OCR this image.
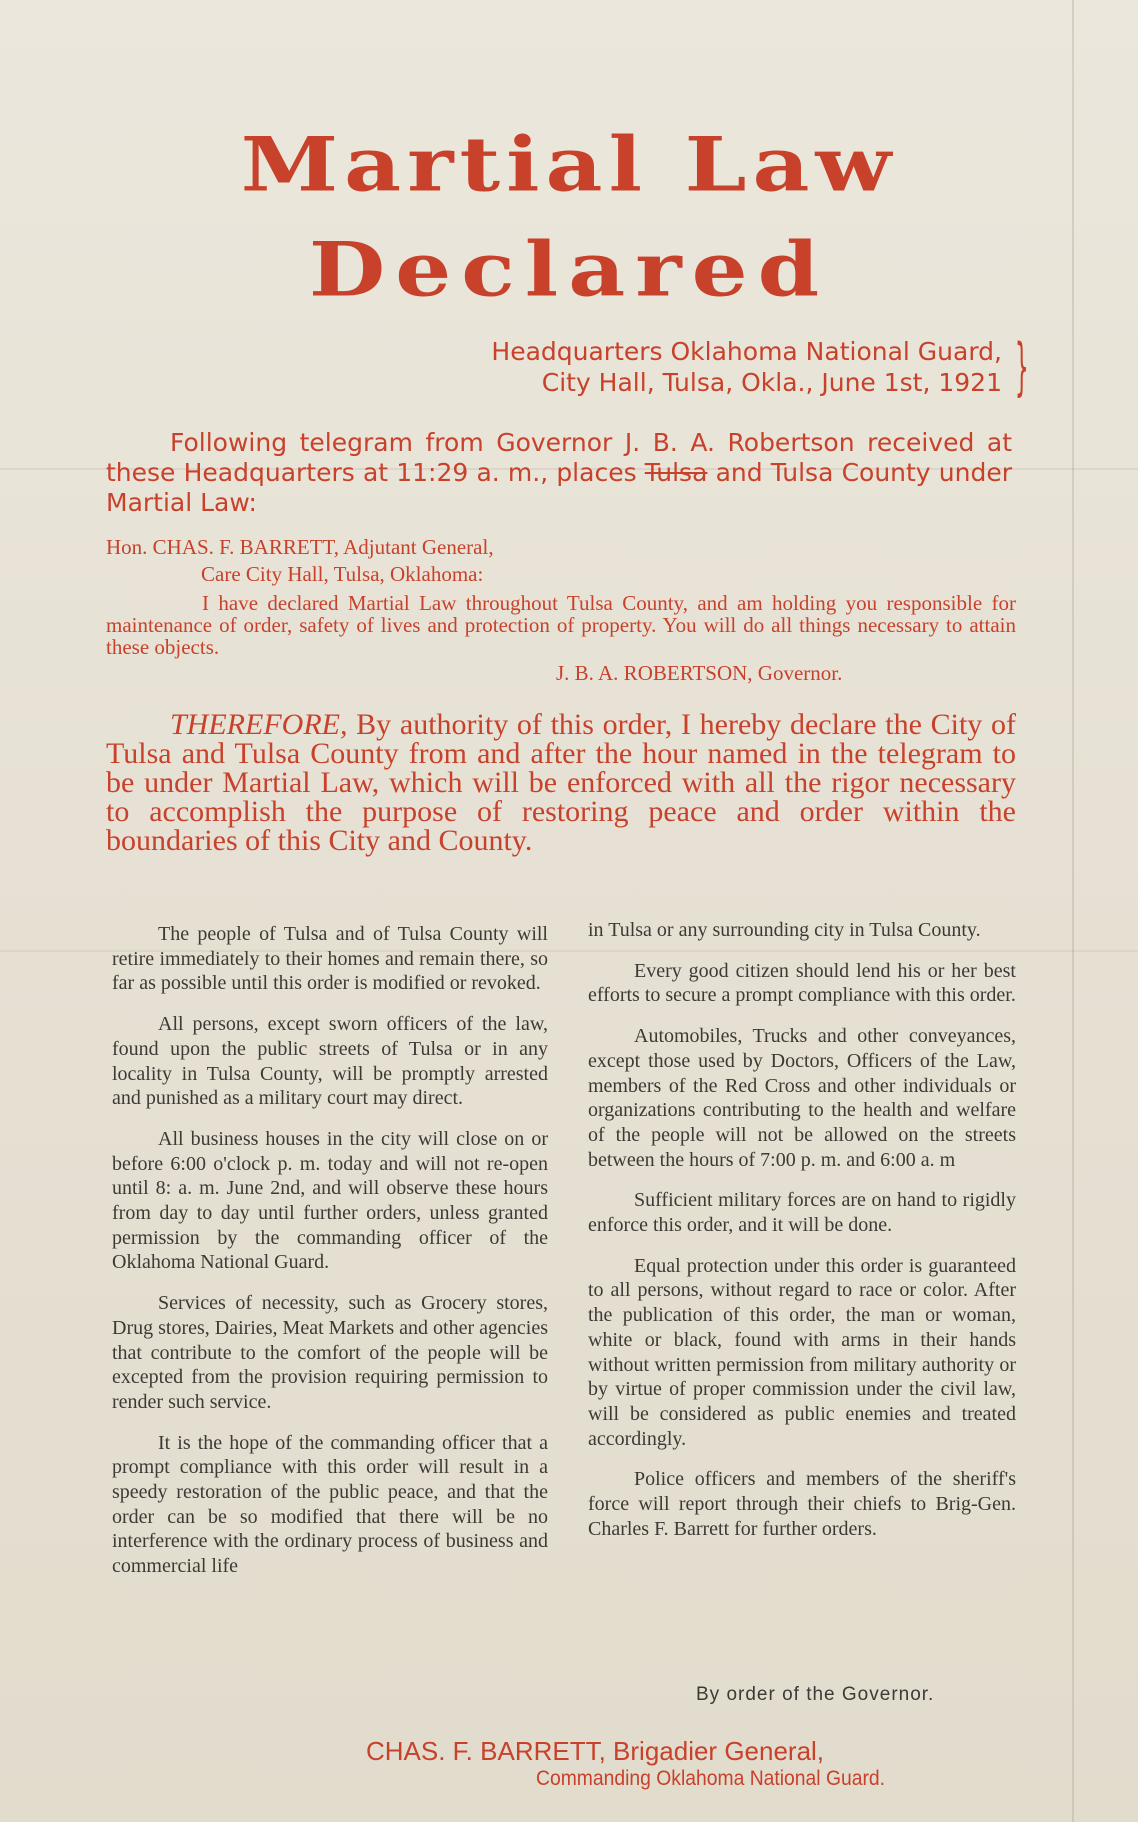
Martial Law
Declared
Headquarters Oklahoma National Guard,
City Hall, Tulsa, Okla., June 1st, 1921 }
Following telegram from Governor J. B. A. Robertson received at these Headquarters at 11:29 a. m., places Tulsa and Tulsa County under Martial Law:
Hon. CHAS. F. BARRETT, Adjutant General,
Care City Hall, Tulsa, Oklahoma:
I have declared Martial Law throughout Tulsa County, and am holding you responsible for maintenance of order, safety of lives and protection of property. You will do all things necessary to attain these objects.
J. B. A. ROBERTSON, Governor.
THEREFORE, By authority of this order, I hereby declare the City of Tulsa and Tulsa County from and after the hour named in the telegram to be under Martial Law, which will be enforced with all the rigor necessary to accomplish the purpose of restoring peace and order within the boundaries of this City and County.

The people of Tulsa and of Tulsa County will retire immediately to their homes and remain there, so far as possible until this order is modified or revoked.

All persons, except sworn officers of the law, found upon the public streets of Tulsa or in any locality in Tulsa County, will be promptly arrested and punished as a military court may direct.

All business houses in the city will close on or before 6:00 o'clock p. m. today and will not re-open until 8: a. m. June 2nd, and will observe these hours from day to day until further orders, unless granted permission by the commanding officer of the Oklahoma National Guard.

Services of necessity, such as Grocery stores, Drug stores, Dairies, Meat Markets and other agencies that contribute to the comfort of the people will be excepted from the provision requiring permission to render such service.

It is the hope of the commanding officer that a prompt compliance with this order will result in a speedy restoration of the public peace, and that the order can be so modified that there will be no interference with the ordinary process of business and commercial life

in Tulsa or any surrounding city in Tulsa County.

Every good citizen should lend his or her best efforts to secure a prompt compliance with this order.

Automobiles, Trucks and other conveyances, except those used by Doctors, Officers of the Law, members of the Red Cross and other individuals or organizations contributing to the health and welfare of the people will not be allowed on the streets between the hours of 7:00 p. m. and 6:00 a. m

Sufficient military forces are on hand to rigidly enforce this order, and it will be done.

Equal protection under this order is guaranteed to all persons, without regard to race or color. After the publication of this order, the man or woman, white or black, found with arms in their hands without written permission from military authority or by virtue of proper commission under the civil law, will be considered as public enemies and treated accordingly.

Police officers and members of the sheriff's force will report through their chiefs to Brig-Gen. Charles F. Barrett for further orders.

By order of the Governor.
CHAS. F. BARRETT, Brigadier General,
Commanding Oklahoma National Guard.
